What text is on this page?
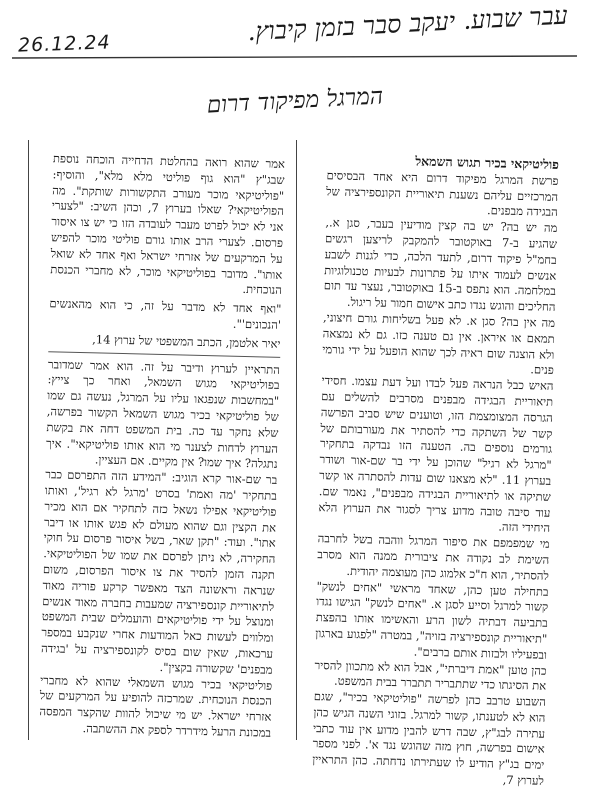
26.12.24	עבר שבוע. יעקב סבר בזמן קיבוץ.
המרגל מפיקוד דרום
פוליטיקאי בכיר תגוש השמאל

פרשת המרגל מפיקוד דרום היא אחד הבסיסים המרכזיים עליהם נשענת תיאוריית הקונספירציה של הבגידה מבפנים.

מה יש בה? יש בה קצין מודיעין בעבר, סגן א., שהגיע ב-7 באוקטובר להמקבק לריצען רגשים בחמ"ל פיקוד דרום, לתעד הלכה, כדי לגנות לשבע אנשים לעמוד איתו על פתרונות לבעיות טכנולוגיות במלחמה. הוא נתפס ב-15 באוקטובר, נעצר עד תום החליכים והוגש נגדו כתב אישום חמור על ריגול.

מה אין בה? סגן א. לא פעל בשליחות גורם חיצוני, תמאם או איראן. אין גם טענה כזו. גם לא נמצאה ולא הוצגה שום ראיה לכך שהוא הופעל על ידי גורמי פנים.

האיש כבל הנראה פעל לבדו ועל דעת עצמו. חסידי תיאוריית הבגידה מבפנים מסרבים להשלים עם הגרסה המצומצמת הזו, וטוענים שיש סביב הפרשה קשר של השתקה כדי להסתיר את מעורבותם של גורמים נוספים בה. הטענה הזו נבדקה בתחקיר "מרגל לא רגיל" שהוכן על ידי בר שם-אור ושודר בערוץ 11. "לא מצאנו שום עדות להסתרה או קשר שתיקה או לתיאוריית הבגידה מבפנים", נאמר שם. עוד סיבה טובה מדוע צריך לסגור את הערוץ הלא היחידי הזה.

מי שמפמפם את סיפור המרגל ווהבה בשל לחרבה השימת לב נקודה את ציבורית ממנה הוא מסרב להסתיר, הוא ח"כ אלמוג כהן מעוצמה יהודית.

בתחילה טען כהן, שאחד מראשי "אחים לנשק" קשור למרגל וסייע לסגן א. "אחים לנשק" הגישו נגדו בתביעה דבתיה לשון הרע והאשימו אותו בהפצת "תיאוריית קונספירציה בזויה", במטרה "לפגוע בארגון ובפעיליו ולבזות אותם ברבים".

כהן טוען "אמת דיברתי", אבל הוא לא מתכוון להסיר את הסיגתו כדי שתתבריר תתברר בבית המשפט.

השבוע טרבב כהן לפרשה "פוליטיקאי בכיר", שגם הוא לא לטענתו, קשור למרגל. בזוגי השנה הגיש כהן עתירה לבג"ץ, שבה דרש להבין מדוע אין עוד כתבי אישום בפרשה, חוץ מזה שהוגש נגד א'. לפני מספר ימים בג"ץ הודיע לו שעתירתו נדחתה. כהן התראיין לערוץ 7,

אמר שהוא רואה בהחלטת הדחייה הוכחה נוספת שבג"ץ "הוא גוף פוליטי מלא מלא", והוסיף: "פוליטיקאי מוכר מעורב התקשורות שותקת". מה הפוליטיקאי? שאלו בערוץ 7, וכהן השיב: "לצערי אני לא יכול לפרט מעבר לעובדה הזו כי יש צו איסור פרסום. לצערי הרב אותו גורם פוליטי מוכר להפיש על המרקעים של אזרחי ישראל ואף אחד לא שואל אותו". מדובר בפוליטיקאי מוכר, לא מחברי הכנסת הנוכחית.

"ואף אחד לא מדבר על זה, כי הוא מהאנשים 'הנכונים'".

יאיר אלטמן, הכתב המשפטי של ערוץ 14,

התראיין לערוץ ודיבר על זה. הוא אמר שמדובר בפוליטיקאי מגוש השמאל, ואחר כך צייץ: "במחשבות שנפגאו עליו על המרגל, נעשה גם שמו של פוליטיקאי בכיר מגוש השמאל הקשור בפרשה, שלא נחקר עד כה. בית המשפט דחה את בקשת הערוץ לדחות לצענר מי הוא אותו פוליטיקאי". איך נתגלה? איך שמו? אין מקיים. אם העציין.

בר שם-אור קרא הוגיב: "המידע הזה התפרסם כבר בתחקיר 'מה ואמת' בסרט 'מרגל לא רגיל', ואותו פוליטיקאי אפילו נשאל כזה לתחקיר אם הוא מכיר את הקצין וגם שהוא מעולם לא פגש אותו או דיבר אתו". ועוד: "תקן שאר, בשל איסור פרסום על חוקי החקירה, לא ניתן לפרסם את שמו של הפוליטיקאי. תקנה הזמן להסיר את צו איסור הפרסום, משום שנראה וראשונה הצד מאפשר קרקע פוריה מאוד לתיאוריית קונספירציה שמעבות בחברה מאוד אנשים ומנוצל על ידי פוליטיקאים והועמלים שבית המשפט ומלווים לעשות כאל המודעות אחרי שנקבע במספר ערכאות, שאין שום בסיס לקונספירציה על 'בגידה מבפנים' שקשורה בקצין".

פוליטיקאי בכיר מגוש השמאלי שהוא לא מחברי הכנסת הנוכחית. שמרכזה להופיע על המרקעים של אזרחי ישראל. יש מי שיכול להוות שהקצר המפסה במכונת הרעל מידרדר לספק את ההשתבה.
